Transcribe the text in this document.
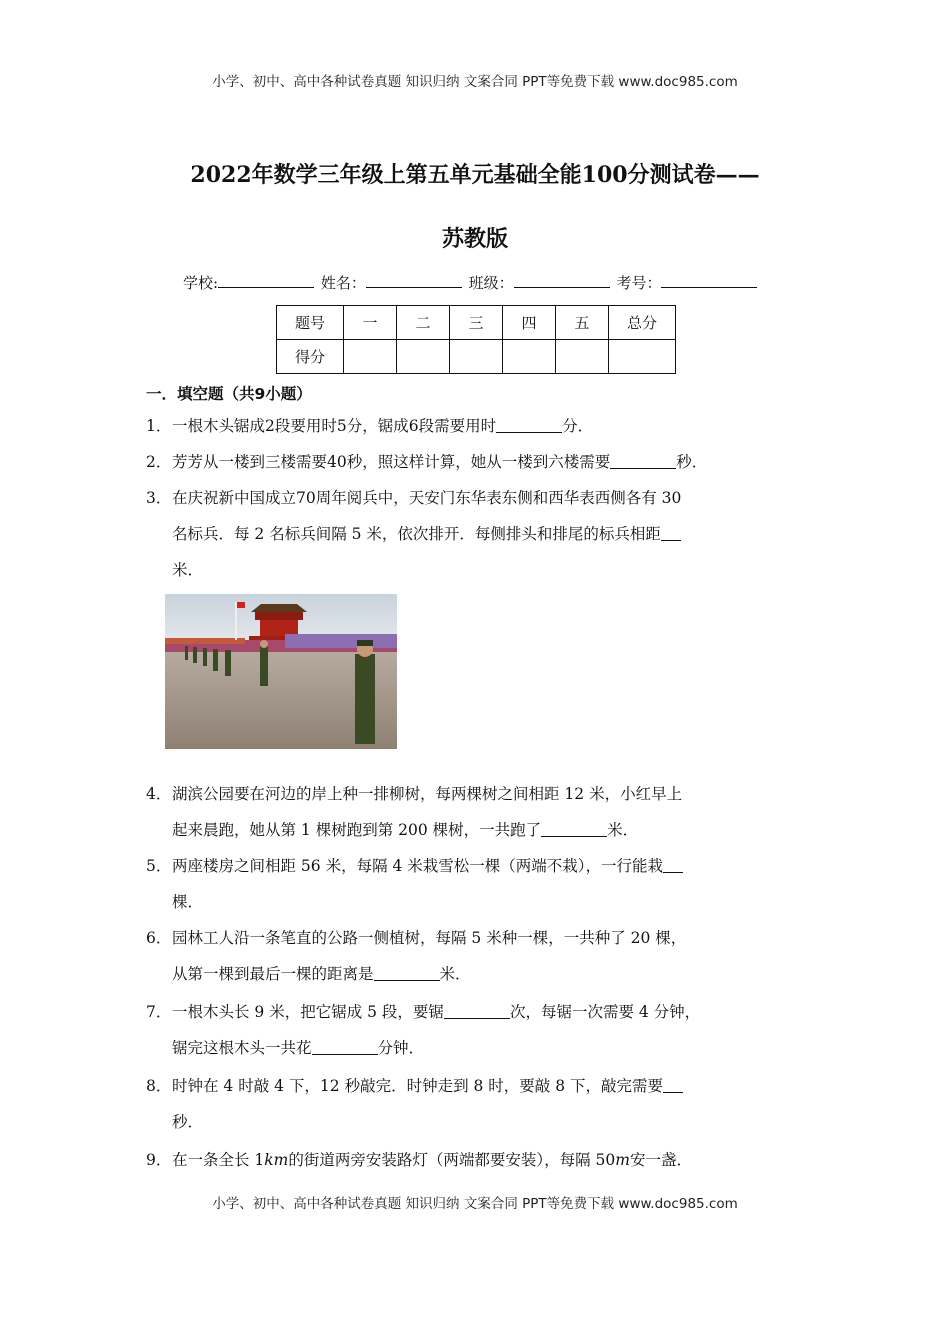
小学、初中、高中各种试卷真题 知识归纳 文案合同 PPT等免费下载 www.doc985.com
2022年数学三年级上第五单元基础全能100分测试卷——
苏教版
学校:	姓名：	班级：	考号：
题号	一	二	三	四	五	总分
得分						
一．填空题（共9小题）
1．一根木头锯成2段要用时5分，锯成6段需要用时	分．
2．芳芳从一楼到三楼需要40秒，照这样计算，她从一楼到六楼需要	秒．
3．在庆祝新中国成立70周年阅兵中，天安门东华表东侧和西华表西侧各有 30
名标兵．每 2 名标兵间隔 5 米，依次排开．每侧排头和排尾的标兵相距
米．
4．湖滨公园要在河边的岸上种一排柳树，每两棵树之间相距 12 米，小红早上
起来晨跑，她从第 1 棵树跑到第 200 棵树，一共跑了	米．
5．两座楼房之间相距 56 米，每隔 4 米栽雪松一棵（两端不栽），一行能栽
棵．
6．园林工人沿一条笔直的公路一侧植树，每隔 5 米种一棵，一共种了 20 棵，
从第一棵到最后一棵的距离是	米．
7．一根木头长 9 米，把它锯成 5 段，要锯	次，每锯一次需要 4 分钟，
锯完这根木头一共花	分钟．
8．时钟在 4 时敲 4 下，12 秒敲完．时钟走到 8 时，要敲 8 下，敲完需要
秒．
9．在一条全长 1𝑘𝑚的街道两旁安装路灯（两端都要安装），每隔 50𝑚安一盏．
小学、初中、高中各种试卷真题 知识归纳 文案合同 PPT等免费下载 www.doc985.com
